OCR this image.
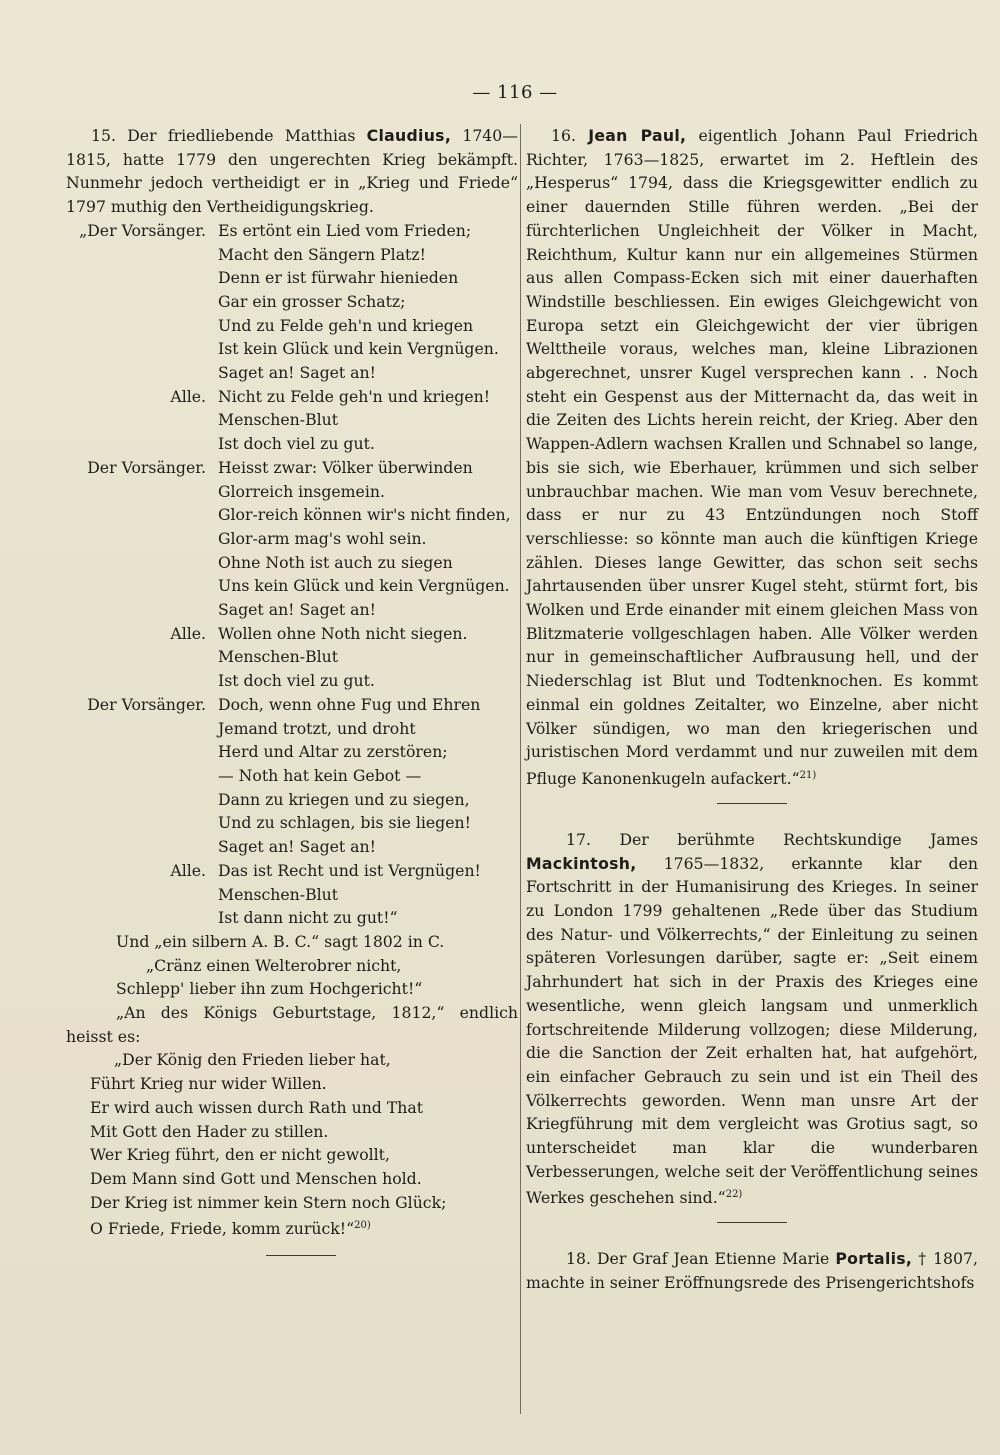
— 116 —

15. Der friedliebende Matthias Claudius, 1740—1815, hatte 1779 den ungerechten Krieg bekämpft. Nunmehr jedoch vertheidigt er in „Krieg und Friede“ 1797 muthig den Vertheidigungskrieg.

„Der Vorsänger. Es ertönt ein Lied vom Frieden;
Macht den Sängern Platz!
Denn er ist fürwahr hienieden
Gar ein grosser Schatz;
Und zu Felde geh'n und kriegen
Ist kein Glück und kein Vergnügen.
Saget an! Saget an!
Alle. Nicht zu Felde geh'n und kriegen!
Menschen-Blut
Ist doch viel zu gut.
Der Vorsänger. Heisst zwar: Völker überwinden
Glorreich insgemein.
Glor-reich können wir's nicht finden,
Glor-arm mag's wohl sein.
Ohne Noth ist auch zu siegen
Uns kein Glück und kein Vergnügen.
Saget an! Saget an!
Alle. Wollen ohne Noth nicht siegen.
Menschen-Blut
Ist doch viel zu gut.
Der Vorsänger. Doch, wenn ohne Fug und Ehren
Jemand trotzt, und droht
Herd und Altar zu zerstören;
— Noth hat kein Gebot —
Dann zu kriegen und zu siegen,
Und zu schlagen, bis sie liegen!
Saget an! Saget an!
Alle. Das ist Recht und ist Vergnügen!
Menschen-Blut
Ist dann nicht zu gut!“

Und „ein silbern A. B. C.“ sagt 1802 in C.

„Cränz einen Welterobrer nicht,
Schlepp' lieber ihn zum Hochgericht!“

„An des Königs Geburtstage, 1812,“ endlich heisst es:

„Der König den Frieden lieber hat,
Führt Krieg nur wider Willen.
Er wird auch wissen durch Rath und That
Mit Gott den Hader zu stillen.
Wer Krieg führt, den er nicht gewollt,
Dem Mann sind Gott und Menschen hold.
Der Krieg ist nimmer kein Stern noch Glück;
O Friede, Friede, komm zurück!“$^{20)}$

16. Jean Paul, eigentlich Johann Paul Friedrich Richter, 1763—1825, erwartet im 2. Heftlein des „Hesperus“ 1794, dass die Kriegsgewitter endlich zu einer dauernden Stille führen werden. „Bei der fürchterlichen Ungleichheit der Völker in Macht, Reichthum, Kultur kann nur ein allgemeines Stürmen aus allen Compass-Ecken sich mit einer dauerhaften Windstille beschliessen. Ein ewiges Gleichgewicht von Europa setzt ein Gleichgewicht der vier übrigen Welttheile voraus, welches man, kleine Librazionen abgerechnet, unsrer Kugel versprechen kann . . Noch steht ein Gespenst aus der Mitternacht da, das weit in die Zeiten des Lichts herein reicht, der Krieg. Aber den Wappen-Adlern wachsen Krallen und Schnabel so lange, bis sie sich, wie Eberhauer, krümmen und sich selber unbrauchbar machen. Wie man vom Vesuv berechnete, dass er nur zu 43 Entzündungen noch Stoff verschliesse: so könnte man auch die künftigen Kriege zählen. Dieses lange Gewitter, das schon seit sechs Jahrtausenden über unsrer Kugel steht, stürmt fort, bis Wolken und Erde einander mit einem gleichen Mass von Blitzmaterie vollgeschlagen haben. Alle Völker werden nur in gemeinschaftlicher Aufbrausung hell, und der Niederschlag ist Blut und Todtenknochen. Es kommt einmal ein goldnes Zeitalter, wo Einzelne, aber nicht Völker sündigen, wo man den kriegerischen und juristischen Mord verdammt und nur zuweilen mit dem Pfluge Kanonenkugeln aufackert.“$^{21)}$

17. Der berühmte Rechtskundige James Mackintosh, 1765—1832, erkannte klar den Fortschritt in der Humanisirung des Krieges. In seiner zu London 1799 gehaltenen „Rede über das Studium des Natur- und Völkerrechts,“ der Einleitung zu seinen späteren Vorlesungen darüber, sagte er: „Seit einem Jahrhundert hat sich in der Praxis des Krieges eine wesentliche, wenn gleich langsam und unmerklich fortschreitende Milderung vollzogen; diese Milderung, die die Sanction der Zeit erhalten hat, hat aufgehört, ein einfacher Gebrauch zu sein und ist ein Theil des Völkerrechts geworden. Wenn man unsre Art der Kriegführung mit dem vergleicht was Grotius sagt, so unterscheidet man klar die wunderbaren Verbesserungen, welche seit der Veröffentlichung seines Werkes geschehen sind.“$^{22)}$

18. Der Graf Jean Etienne Marie Portalis, † 1807, machte in seiner Eröffnungsrede des Prisengerichtshofs
